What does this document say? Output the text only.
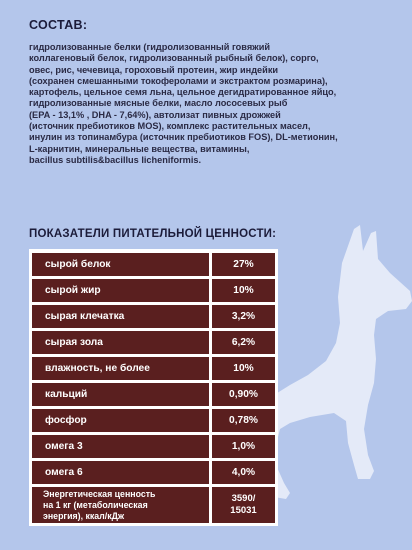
СОСТАВ:
гидролизованные белки (гидролизованный говяжий
коллагеновый белок, гидролизованный рыбный белок), сорго,
овес, рис, чечевица, гороховый протеин, жир индейки
(сохранен смешанными токоферолами и экстрактом розмарина),
картофель, цельное семя льна, цельное дегидратированное яйцо,
гидролизованные мясные белки, масло лососевых рыб
(EPA - 13,1% , DHA - 7,64%), автолизат пивных дрожжей
(источник пребиотиков MOS), комплекс растительных масел,
инулин из топинамбура (источник пребиотиков FOS), DL-метионин,
L-карнитин, минеральные вещества, витамины,
bacillus subtilis&bacillus licheniformis.
ПОКАЗАТЕЛИ ПИТАТЕЛЬНОЙ ЦЕННОСТИ:
сырой белок	27%
сырой жир	10%
сырая клечатка	3,2%
сырая зола	6,2%
влажность, не более	10%
кальций	0,90%
фосфор	0,78%
омега 3	1,0%
омега 6	4,0%
Энергетическая ценность
на 1 кг (метаболическая
энергия), ккал/кДж
3590/
15031
